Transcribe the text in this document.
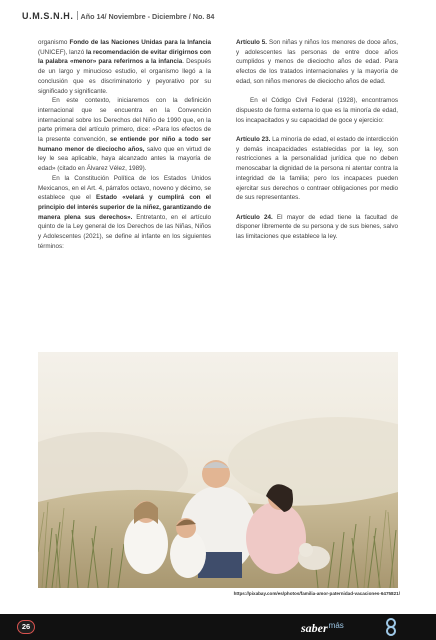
U.M.S.N.H. Año 14/ Noviembre - Diciembre / No. 84

organismo Fondo de las Naciones Unidas para la Infancia (UNICEF), lanzó la recomendación de evitar dirigirnos con la palabra «menor» para referirnos a la infancia. Después de un largo y minucioso estudio, el organismo llegó a la conclusión que es discriminatorio y peyorativo por su significado y significante.

En este contexto, iniciaremos con la definición internacional que se encuentra en la Convención internacional sobre los Derechos del Niño de 1990 que, en la parte primera del artículo primero, dice: «Para los efectos de la presente convención, se entiende por niño a todo ser humano menor de dieciocho años, salvo que en virtud de ley le sea aplicable, haya alcanzado antes la mayoría de edad» (citado en Álvarez Vélez, 1989).

En la Constitución Política de los Estados Unidos Mexicanos, en el Art. 4, párrafos octavo, noveno y décimo, se establece que el Estado «velará y cumplirá con el principio del interés superior de la niñez, garantizando de manera plena sus derechos». Entretanto, en el artículo quinto de la Ley general de los Derechos de las Niñas, Niños y Adolescentes (2021), se define al infante en los siguientes términos:

Artículo 5. Son niñas y niños los menores de doce años, y adolescentes las personas de entre doce años cumplidos y menos de dieciocho años de edad. Para efectos de los tratados internacionales y la mayoría de edad, son niños menores de dieciocho años de edad.

En el Código Civil Federal (1928), encontramos dispuesto de forma externa lo que es la minoría de edad, los incapacitados y su capacidad de goce y ejercicio:

Artículo 23. La minoría de edad, el estado de interdicción y demás incapacidades establecidas por la ley, son restricciones a la personalidad jurídica que no deben menoscabar la dignidad de la persona ni atentar contra la integridad de la familia; pero los incapaces pueden ejercitar sus derechos o contraer obligaciones por medio de sus representantes.

Artículo 24. El mayor de edad tiene la facultad de disponer libremente de su persona y de sus bienes, salvo las limitaciones que establece la ley.

https://pixabay.com/es/photos/familia-amor-paternidad-vacaciones-6475821/
26	saber$^{más}$
